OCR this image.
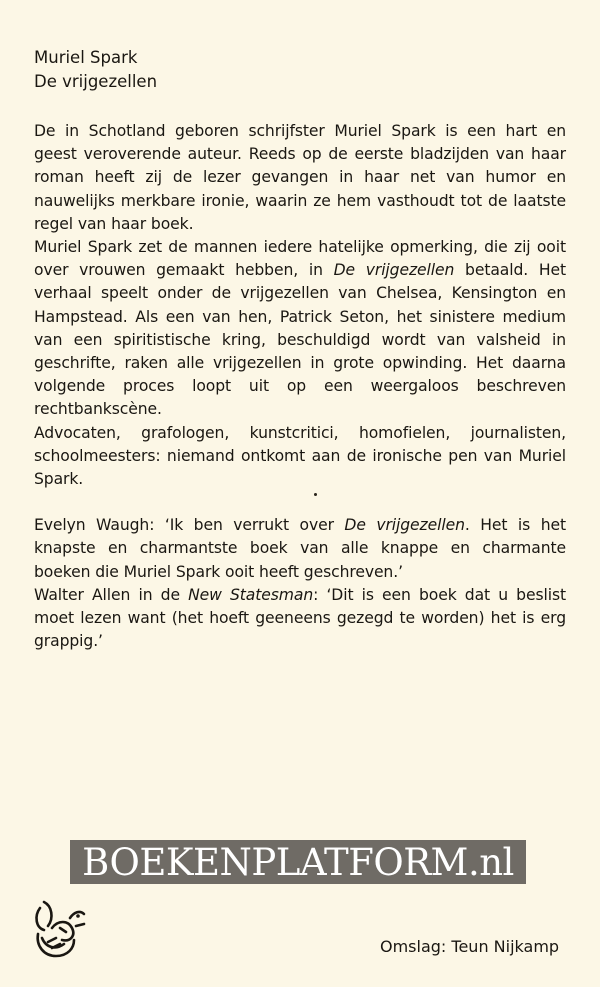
Muriel Spark
De vrijgezellen

De in Schotland geboren schrijfster Muriel Spark is een hart en geest veroverende auteur. Reeds op de eerste bladzijden van haar roman heeft zij de lezer gevangen in haar net van humor en nauwelijks merkbare ironie, waarin ze hem vasthoudt tot de laatste regel van haar boek.

Muriel Spark zet de mannen iedere hatelijke opmerking, die zij ooit over vrouwen gemaakt hebben, in De vrijgezellen betaald. Het verhaal speelt onder de vrijgezellen van Chelsea, Kensington en Hampstead. Als een van hen, Patrick Seton, het sinistere medium van een spiritistische kring, beschuldigd wordt van valsheid in geschrifte, raken alle vrijgezellen in grote opwinding. Het daarna volgende proces loopt uit op een weergaloos beschreven rechtbankscène.

Advocaten, grafologen, kunstcritici, homofielen, journalisten, schoolmeesters: niemand ontkomt aan de ironische pen van Muriel Spark.

Evelyn Waugh: ‘Ik ben verrukt over De vrijgezellen. Het is het knapste en charmantste boek van alle knappe en charmante boeken die Muriel Spark ooit heeft geschreven.’

Walter Allen in de New Statesman: ‘Dit is een boek dat u beslist moet lezen want (het hoeft geeneens gezegd te worden) het is erg grappig.’

BOEKENPLATFORM.nl
Omslag: Teun Nijkamp
